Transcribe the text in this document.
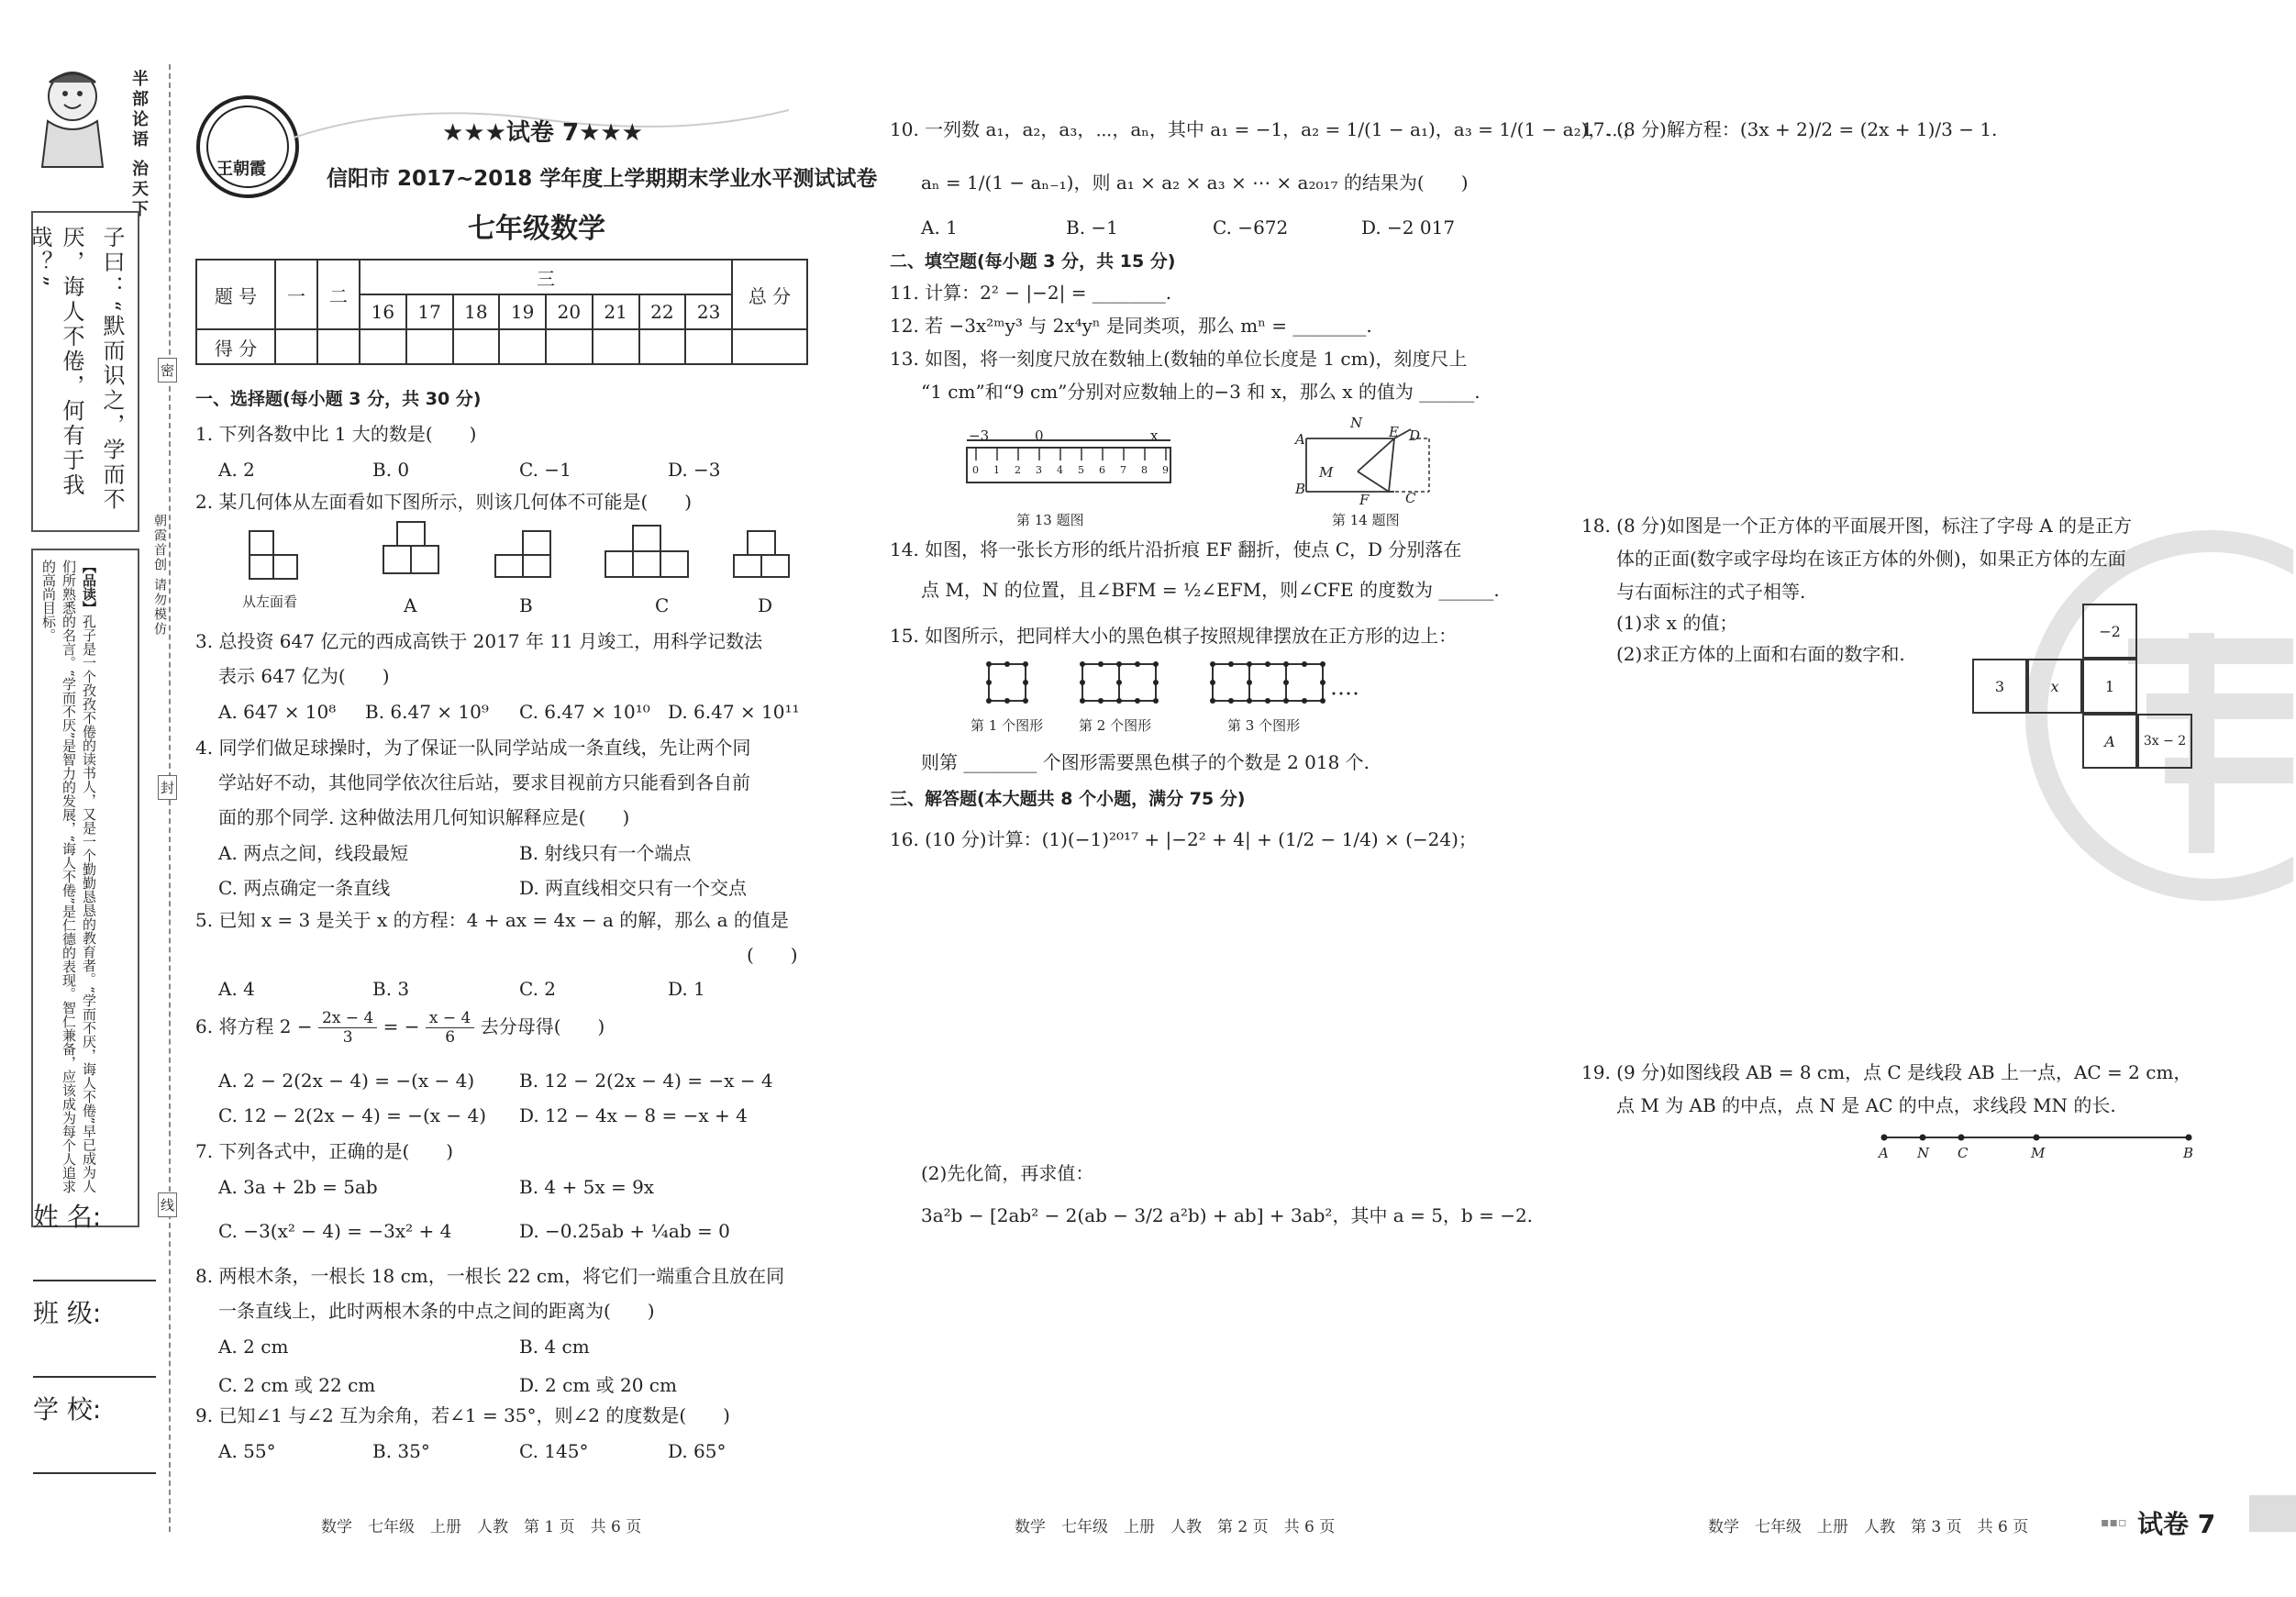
半部论语 治天下
子曰：“默而识之，学而不
厌，诲人不倦，何有于我哉？”
【品读】孔子是一个孜孜不倦的读书人，又是一个勤勤恳恳的教育者。“学而不厌，诲人不倦”早已成为人们所熟悉的名言。“学而不厌”是智力的发展，“诲人不倦”是仁德的表现。智仁兼备，应该成为每个人追求的高尚目标。
密
封
线
朝霞首创
请勿模仿
姓 名:
班 级:
学 校:
王朝霞
★★★试卷 7★★★
信阳市 2017~2018 学年度上学期期末学业水平测试试卷
七年级数学
题 号	一	二	三								总 分
			16	17	18	19	20	21	22	23	
得 分											
一、选择题(每小题 3 分，共 30 分)
1. 下列各数中比 1 大的数是(　　)
A. 2	B. 0	C. −1	D. −3
2. 某几何体从左面看如下图所示，则该几何体不可能是(　　)
从左面看	A	B	C	D
3. 总投资 647 亿元的西成高铁于 2017 年 11 月竣工，用科学记数法
表示 647 亿为(　　)
A. 647 × 10⁸ B. 6.47 × 10⁹ C. 6.47 × 10¹⁰ D. 6.47 × 10¹¹
4. 同学们做足球操时，为了保证一队同学站成一条直线，先让两个同
学站好不动，其他同学依次往后站，要求目视前方只能看到各自前
面的那个同学. 这种做法用几何知识解释应是(　　)
A. 两点之间，线段最短	B. 射线只有一个端点
C. 两点确定一条直线	D. 两直线相交只有一个交点
5. 已知 x = 3 是关于 x 的方程：4 + ax = 4x − a 的解，那么 a 的值是
(　　)
A. 4	B. 3	C. 2	D. 1
6. 将方程 $2 - \frac{2x - 4}{3}$ = − $\frac{x - 4}{6}$ 去分母得(　　)
A. 2 − 2(2x − 4) = −(x − 4) B. 12 − 2(2x − 4) = −x − 4
C. 12 − 2(2x − 4) = −(x − 4) D. 12 − 4x − 8 = −x + 4
7. 下列各式中，正确的是(　　)
A. 3a + 2b = 5ab	B. 4 + 5x = 9x
C. −3(x² − 4) = −3x² + 4	D. −0.25ab + ¼ab = 0
8. 两根木条，一根长 18 cm，一根长 22 cm，将它们一端重合且放在同
一条直线上，此时两根木条的中点之间的距离为(　　)
A. 2 cm	B. 4 cm
C. 2 cm 或 22 cm	D. 2 cm 或 20 cm
9. 已知∠1 与∠2 互为余角，若∠1 = 35°，则∠2 的度数是(　　)
A. 55°	B. 35°	C. 145°	D. 65°
数学　七年级　上册　人教　第 1 页　共 6 页
10. 一列数 a₁，a₂，a₃，⋯，aₙ，其中 a₁ = −1，a₂ = 1/(1 − a₁)，a₃ = 1/(1 − a₂)，⋯，
aₙ = 1/(1 − aₙ₋₁)，则 a₁ × a₂ × a₃ × ⋯ × a₂₀₁₇ 的结果为(　　)
A. 1	B. −1	C. −672	D. −2 017
二、填空题(每小题 3 分，共 15 分)
11. 计算：2² − |−2| = ________.
12. 若 −3x²ᵐy³ 与 2x⁴yⁿ 是同类项，那么 mⁿ = ________.
13. 如图，将一刻度尺放在数轴上(数轴的单位长度是 1 cm)，刻度尺上
“1 cm”和“9 cm”分别对应数轴上的−3 和 x，那么 x 的值为 ______.
−3	0	x
0 1 2 3 4 5 6 7 8 9
第 13 题图
A
N
E D
M
B
F	C
第 14 题图
14. 如图，将一张长方形的纸片沿折痕 EF 翻折，使点 C，D 分别落在
点 M，N 的位置，且∠BFM = ½∠EFM，则∠CFE 的度数为 ______.
15. 如图所示，把同样大小的黑色棋子按照规律摆放在正方形的边上：
第 1 个图形	第 2 个图形	第 3 个图形
则第 ________ 个图形需要黑色棋子的个数是 2 018 个.
三、解答题(本大题共 8 个小题，满分 75 分)
16. (10 分)计算：(1)(−1)²⁰¹⁷ + |−2² + 4| + (1/2 − 1/4) × (−24)；
(2)先化简，再求值：
3a²b − [2ab² − 2(ab − 3/2 a²b) + ab] + 3ab²，其中 a = 5，b = −2.
数学　七年级　上册　人教　第 2 页　共 6 页
17. (8 分)解方程：(3x + 2)/2 = (2x + 1)/3 − 1.
18. (8 分)如图是一个正方体的平面展开图，标注了字母 A 的是正方
体的正面(数字或字母均在该正方体的外侧)，如果正方体的左面
与右面标注的式子相等.
(1)求 x 的值；
(2)求正方体的上面和右面的数字和.
−2
3	x	1
A 3x − 2
19. (9 分)如图线段 AB = 8 cm，点 C 是线段 AB 上一点，AC = 2 cm，
点 M 为 AB 的中点，点 N 是 AC 的中点，求线段 MN 的长.
A N C	M	B
数学　七年级　上册　人教　第 3 页　共 6 页	▪▪▫ 试卷 7
